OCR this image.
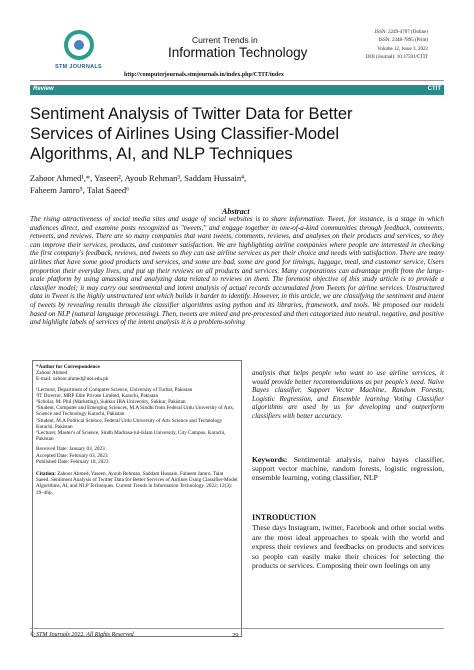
STM JOURNALS
Current Trends in
Information Technology
http://computerjournals.stmjournals.in/index.php/CTIT/index
ISSN: 2249-4707 (Online)
ISSN: 2348-7895 (Print)
Volume 12, Issue 3, 2022
DOI (Journal): 10.37591/CTIT
Review	CTIT
Sentiment Analysis of Twitter Data for Better Services of Airlines Using Classifier-Model Algorithms, AI, and NLP Techniques
Zahoor Ahmed¹,*, Yaseen², Ayoub Rehman³, Saddam Hussain⁴,
Faheem Jamro⁵, Talat Saeed⁶
Abstract
The rising attractiveness of social media sites and usage of social websites is to share information. Tweet, for instance, is a stage in which audiences direct, and examine posts recognized as "tweets," and engage together in one-of-a-kind communities through feedback, comments, retweets, and reviews. There are so many companies that want tweets, comments, reviews, and analyses on their products and services, so they can improve their services, products, and customer satisfaction. We are highlighting airline companies where people are interested in checking the first company's feedback, reviews, and tweets so they can use airline services as per their choice and needs with satisfaction. There are many airlines that have some good products and services, and some are bad, some are good for timings, luggage, meal, and customer service, Users proportion their everyday lives, and put up their reviews on all products and services. Many corporations can advantage profit from the large-scale platform by using amassing and analyzing data related to reviews on them. The foremost objective of this study article is to provide a classifier model; it may carry out sentimental and intent analysis of actual records accumulated from Tweets for airline services. Unstructured data in Tweet is the highly unstructured text which builds it harder to identify. However, in this article, we are classifying the sentiment and intent of tweets by revealing results through the classifier algorithms using python and its libraries, framework, and tools. We proposed our models based on NLP (natural language processing). Then, tweets are mined and pre-processed and then categorized into neutral, negative, and positive and highlight labels of services of the intent analysis it is a problem-solving
analysis that helps people who want to use airline services, it would provide better recommendations as per people's need. Naive Bayes classifier, Support Vector Machine, Random Forests, Logistic Regression, and Ensemble learning Voting Classifier algorithms are used by us for developing and outperform classifiers with better accuracy.
*Author for Correspondence
Zahoor Ahmed
E-mail: zahoor.ahmed@uot.edu.pk
¹Lecturer, Department of Computer Science, University of Turbat, Pakistan
²IT Director, MRP Elite Private Limited, Karachi, Pakistan
³Scholar, M. Phil (Marketing), Sukkur IBA University, Sukkur, Pakistan
⁴Student, Computer and Emerging Sciences, M.A Sindhi from Federal Urdu University of Arts, Science and Technology Karachi, Pakistan
⁵Student, M.A Political Science, Federal Urdu University of Arts Science and Technology Karachi, Pakistan
⁶Lecturer, Master's of Science, Sindh Madrasa-tul-Islam University, City Campus, Karachi, Pakistan
Received Date: January 03, 2023
Accepted Date: February 03, 2023
Published Date: February 10, 2023
Citation: Zahoor Ahmed, Yaseen, Ayoub Rehman, Saddam Hussain, Faheem Jamro, Talat Saeed. Sentiment Analysis of Twitter Data for Better Services of Airlines Using Classifier-Model Algorithms, AI, and NLP Techniques. Current Trends in Information Technology. 2022; 12(3): 29–46p.
Keywords: Sentimental analysis, naive bayes classifier, support vector machine, random forests, logistic regression, ensemble learning, voting classifier, NLP
INTRODUCTION
These days Instagram, twitter, Facebook and other social webs are the most ideal approaches to speak with the world and express their reviews and feedbacks on products and services so people can easily make their choices for selecting the products or services. Composing their own feelings on any
© STM Journals 2022. All Rights Reserved	29
